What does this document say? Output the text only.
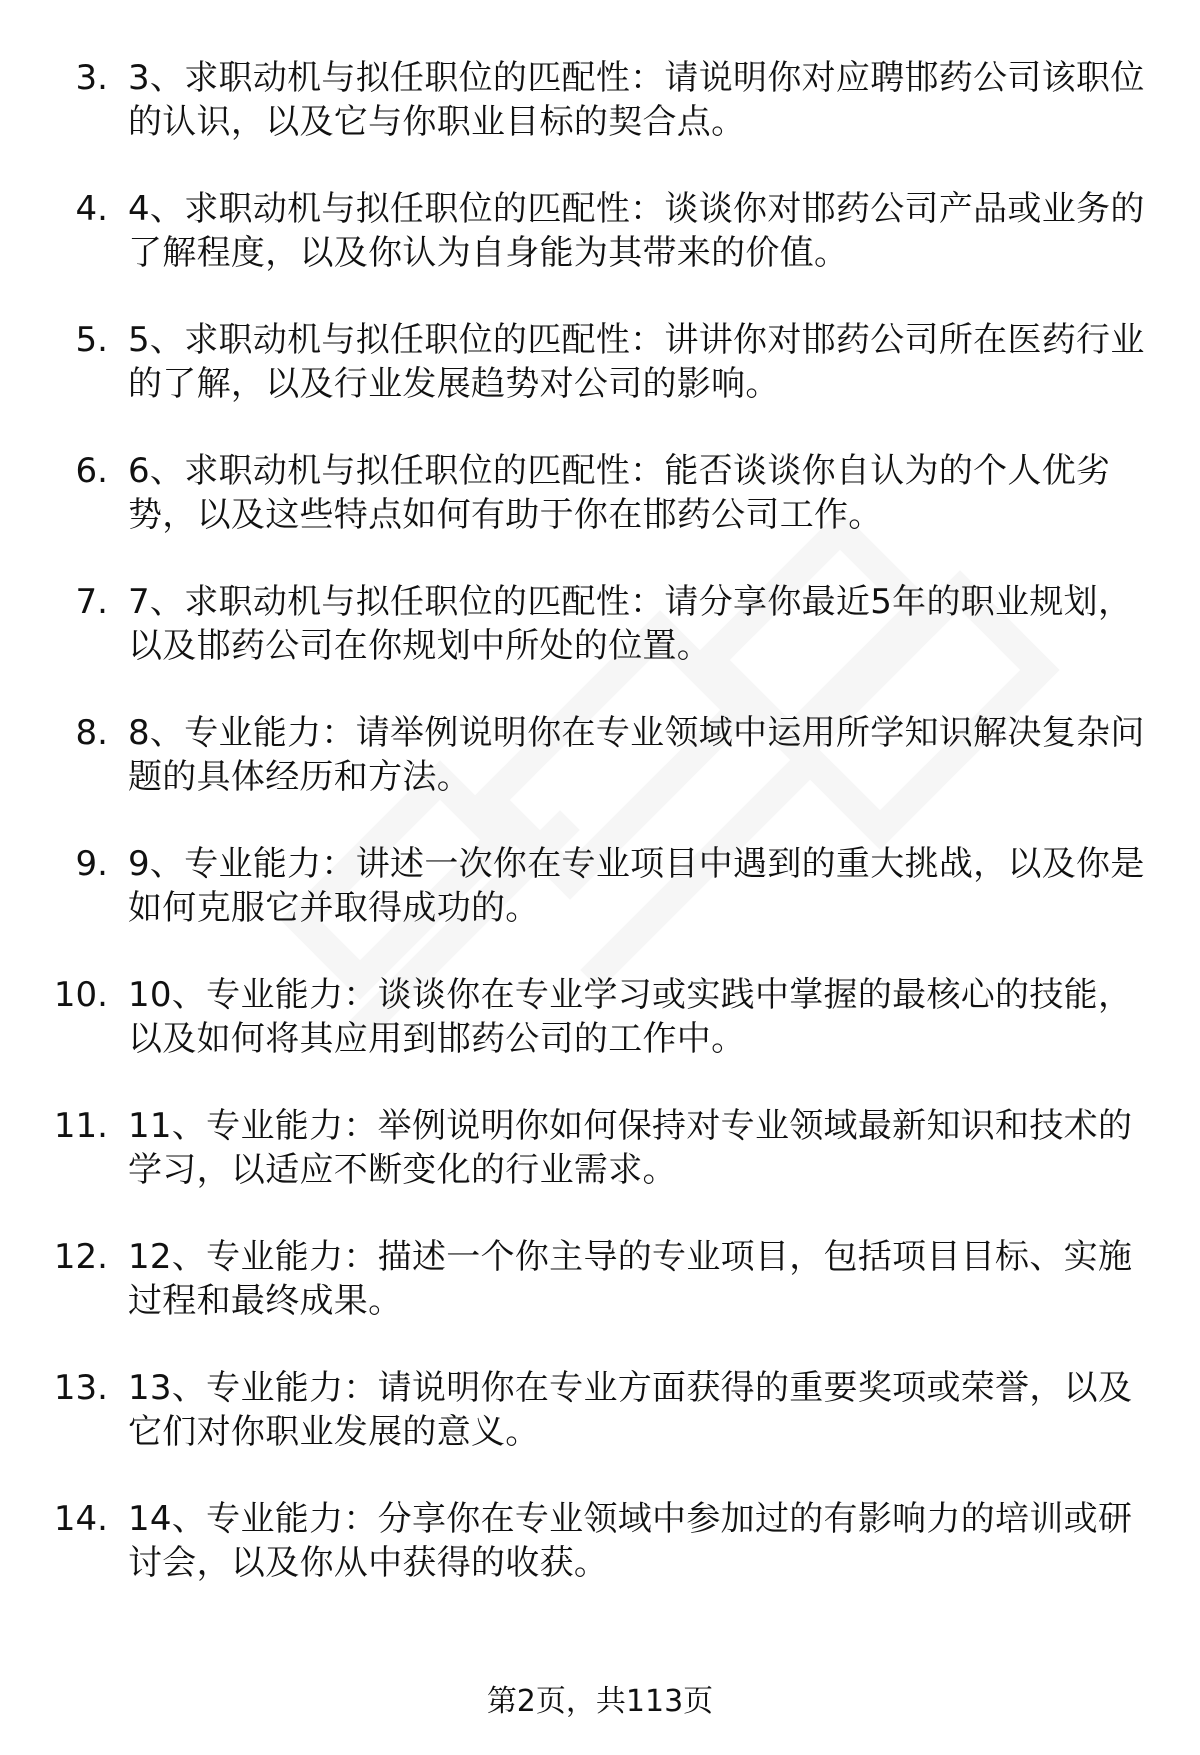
3. 3、求职动机与拟任职位的匹配性：请说明你对应聘邯药公司该职位的认识，以及它与你职业目标的契合点。
4. 4、求职动机与拟任职位的匹配性：谈谈你对邯药公司产品或业务的了解程度，以及你认为自身能为其带来的价值。
5. 5、求职动机与拟任职位的匹配性：讲讲你对邯药公司所在医药行业的了解，以及行业发展趋势对公司的影响。
6. 6、求职动机与拟任职位的匹配性：能否谈谈你自认为的个人优劣势，以及这些特点如何有助于你在邯药公司工作。
7. 7、求职动机与拟任职位的匹配性：请分享你最近5年的职业规划，以及邯药公司在你规划中所处的位置。
8. 8、专业能力：请举例说明你在专业领域中运用所学知识解决复杂问题的具体经历和方法。
9. 9、专业能力：讲述一次你在专业项目中遇到的重大挑战，以及你是如何克服它并取得成功的。
10. 10、专业能力：谈谈你在专业学习或实践中掌握的最核心的技能，以及如何将其应用到邯药公司的工作中。
11. 11、专业能力：举例说明你如何保持对专业领域最新知识和技术的学习，以适应不断变化的行业需求。
12. 12、专业能力：描述一个你主导的专业项目，包括项目目标、实施过程和最终成果。
13. 13、专业能力：请说明你在专业方面获得的重要奖项或荣誉，以及它们对你职业发展的意义。
14. 14、专业能力：分享你在专业领域中参加过的有影响力的培训或研讨会，以及你从中获得的收获。
第2页，共113页
